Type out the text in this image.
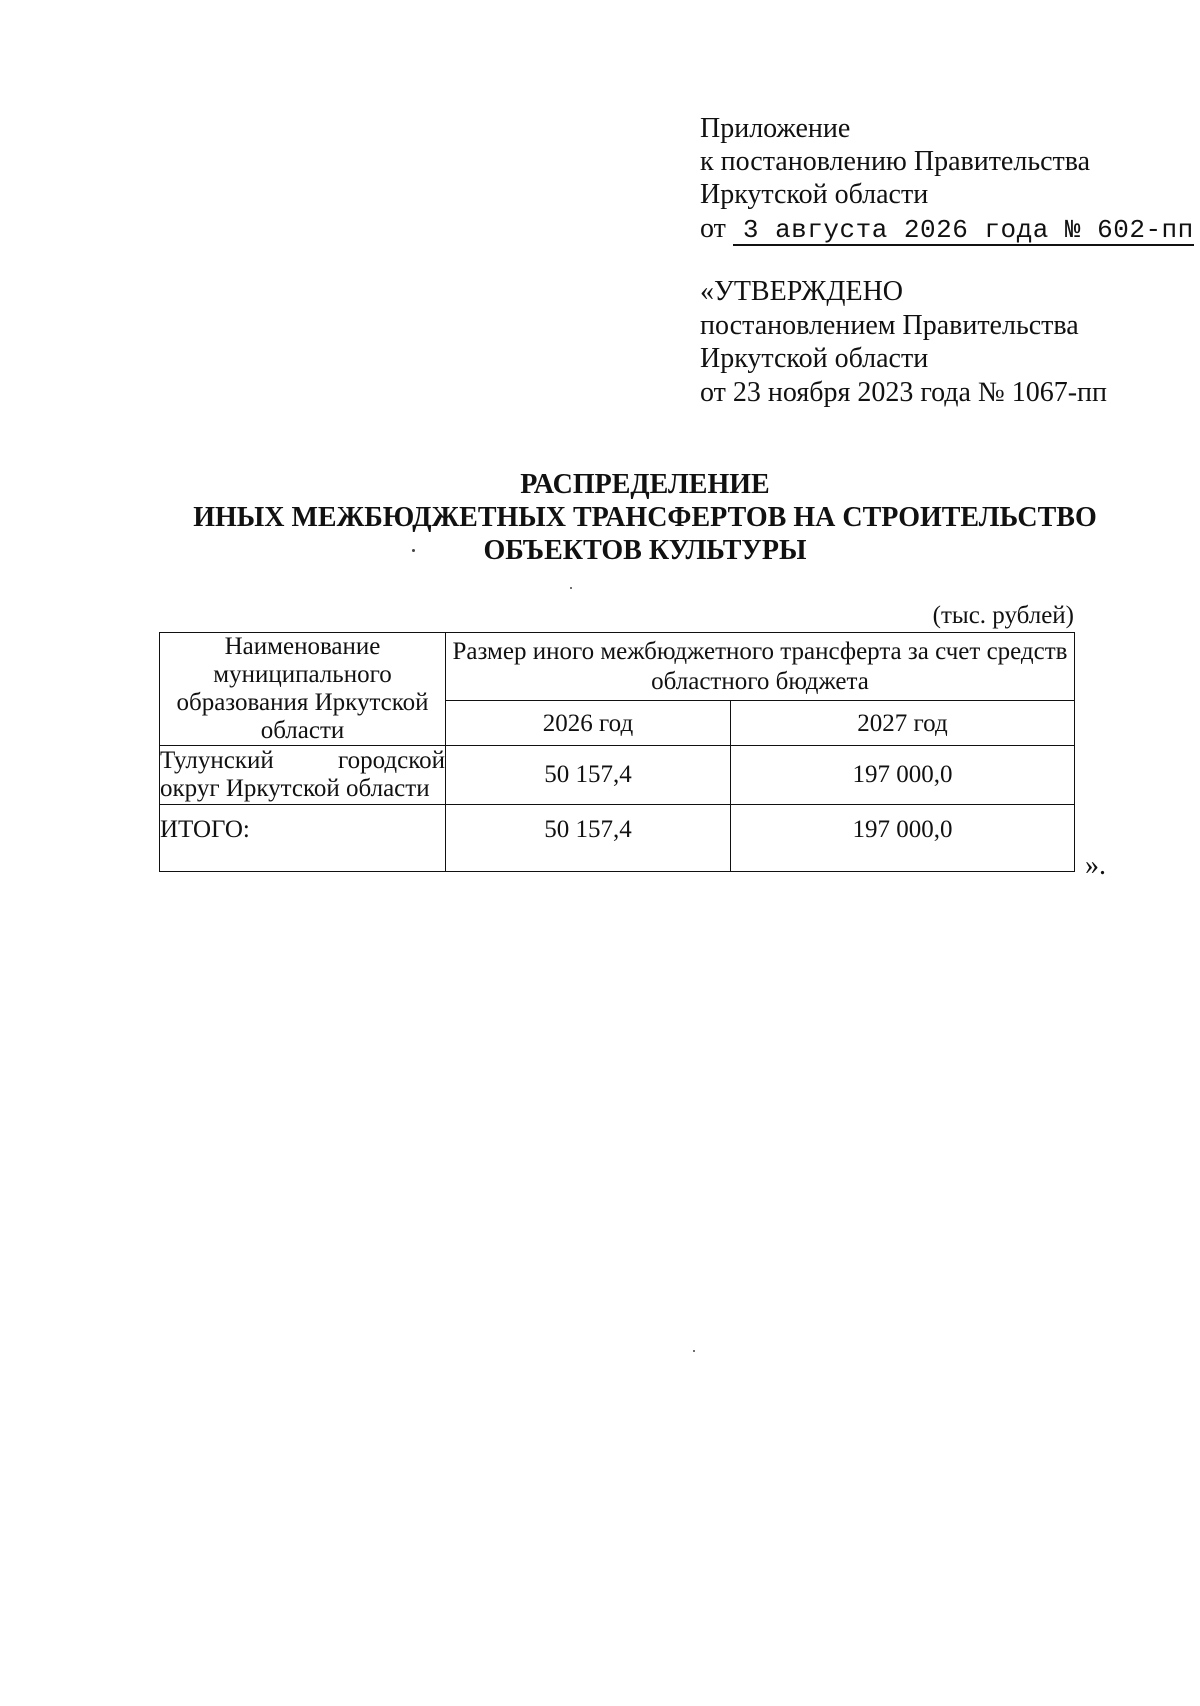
Приложение
к постановлению Правительства
Иркутской области
от 3 августа 2026 года № 602-пп
«УТВЕРЖДЕНО
постановлением Правительства
Иркутской области
от 23 ноября 2023 года № 1067-пп
РАСПРЕДЕЛЕНИЕ
ИНЫХ МЕЖБЮДЖЕТНЫХ ТРАНСФЕРТОВ НА СТРОИТЕЛЬСТВО
ОБЪЕКТОВ КУЛЬТУРЫ
(тыс. рублей)
Наименование муниципального образования Иркутской области	Размер иного межбюджетного трансферта за счет средств областного бюджета	
	2026 год	2027 год

Тулунский городской
округ Иркутской области	50 157,4	197 000,0
ИТОГО:	50 157,4	197 000,0
».
